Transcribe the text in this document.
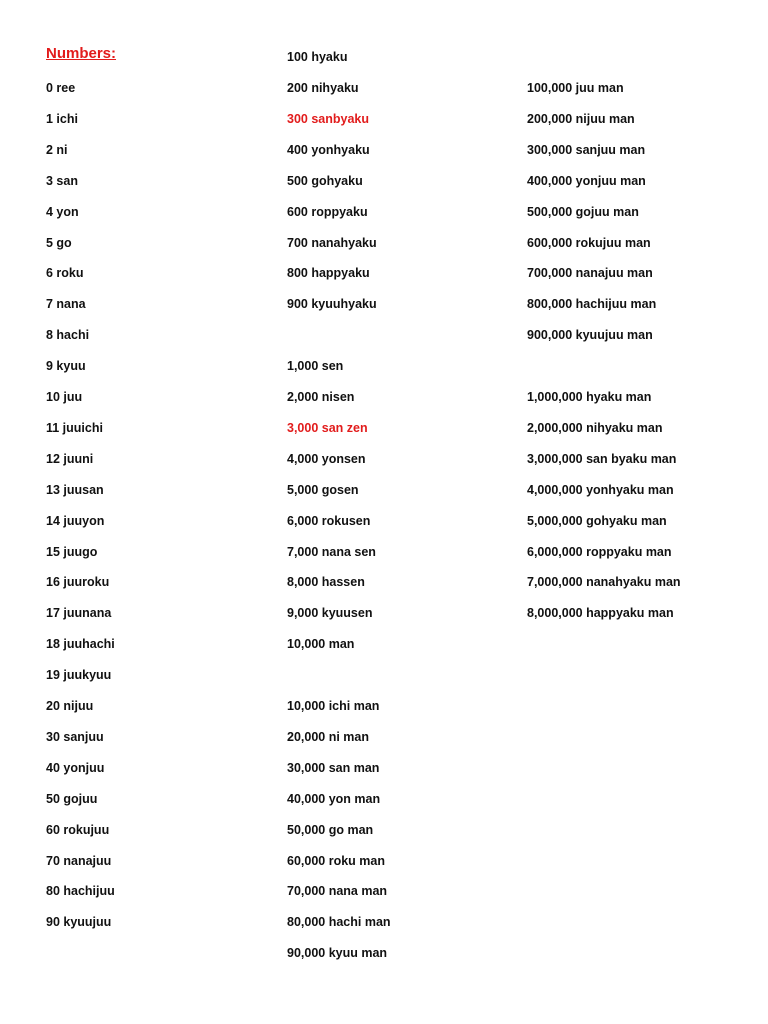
Numbers:
0 ree
1 ichi
2 ni
3 san
4 yon
5 go
6 roku
7 nana
8 hachi
9 kyuu
10 juu
11 juuichi
12 juuni
13 juusan
14 juuyon
15 juugo
16 juuroku
17 juunana
18 juuhachi
19 juukyuu
20 nijuu
30 sanjuu
40 yonjuu
50 gojuu
60 rokujuu
70 nanajuu
80 hachijuu
90 kyuujuu
100 hyaku
200 nihyaku
300 sanbyaku
400 yonhyaku
500 gohyaku
600 roppyaku
700 nanahyaku
800 happyaku
900 kyuuhyaku
1,000 sen
2,000 nisen
3,000 san zen
4,000 yonsen
5,000 gosen
6,000 rokusen
7,000 nana sen
8,000 hassen
9,000 kyuusen
10,000 man
10,000 ichi man
20,000 ni man
30,000 san man
40,000 yon man
50,000 go man
60,000 roku man
70,000 nana man
80,000 hachi man
90,000 kyuu man
100,000 juu man
200,000 nijuu man
300,000 sanjuu man
400,000 yonjuu man
500,000 gojuu man
600,000 rokujuu man
700,000 nanajuu man
800,000 hachijuu man
900,000 kyuujuu man
1,000,000 hyaku man
2,000,000 nihyaku man
3,000,000 san byaku man
4,000,000 yonhyaku man
5,000,000 gohyaku man
6,000,000 roppyaku man
7,000,000 nanahyaku man
8,000,000 happyaku man
